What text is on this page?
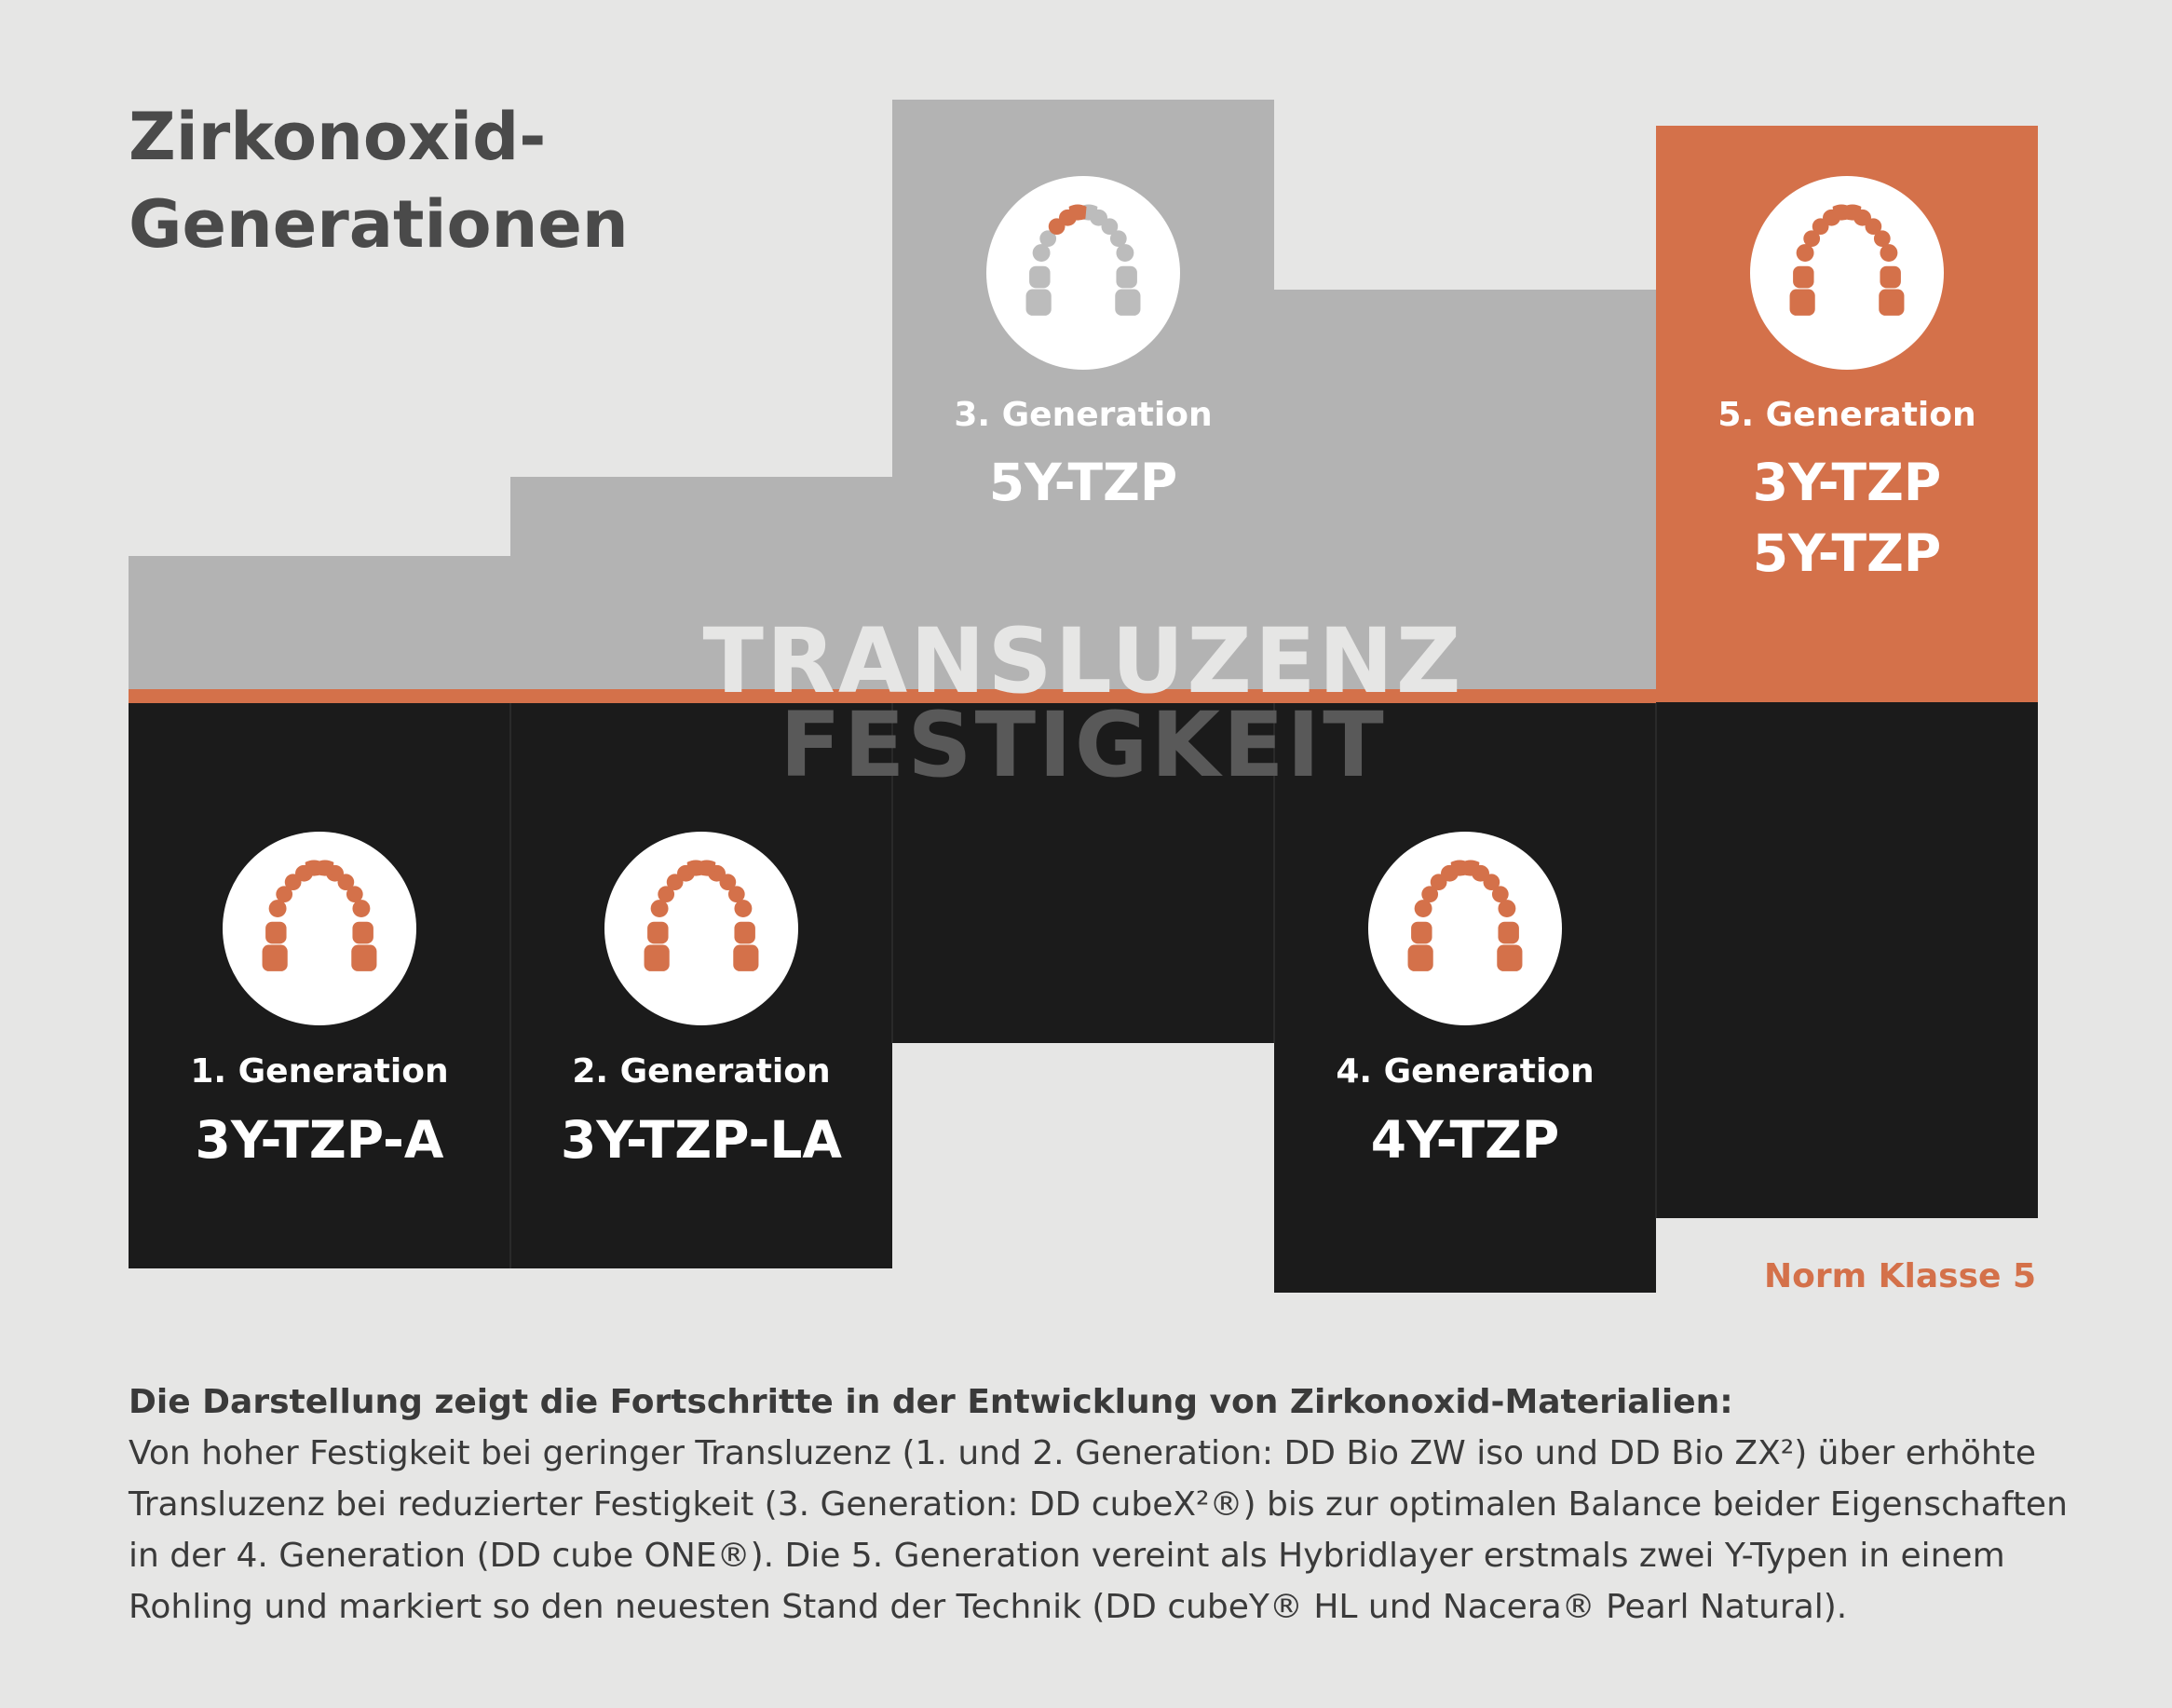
Zirkonoxid-
Generationen
TRANSLUZENZ
FESTIGKEIT
1. Generation
3Y-TZP-A
2. Generation
3Y-TZP-LA
3. Generation
5Y-TZP
4. Generation
4Y-TZP
5. Generation
3Y-TZP
5Y-TZP
Norm Klasse 5
Die Darstellung zeigt die Fortschritte in der Entwicklung von Zirkonoxid-Materialien:
Von hoher Festigkeit bei geringer Transluzenz (1. und 2. Generation: DD Bio ZW iso und DD Bio ZX²) über erhöhte
Transluzenz bei reduzierter Festigkeit (3. Generation: DD cubeX²®) bis zur optimalen Balance beider Eigenschaften
in der 4. Generation (DD cube ONE®). Die 5. Generation vereint als Hybridlayer erstmals zwei Y-Typen in einem
Rohling und markiert so den neuesten Stand der Technik (DD cubeY® HL und Nacera® Pearl Natural).
